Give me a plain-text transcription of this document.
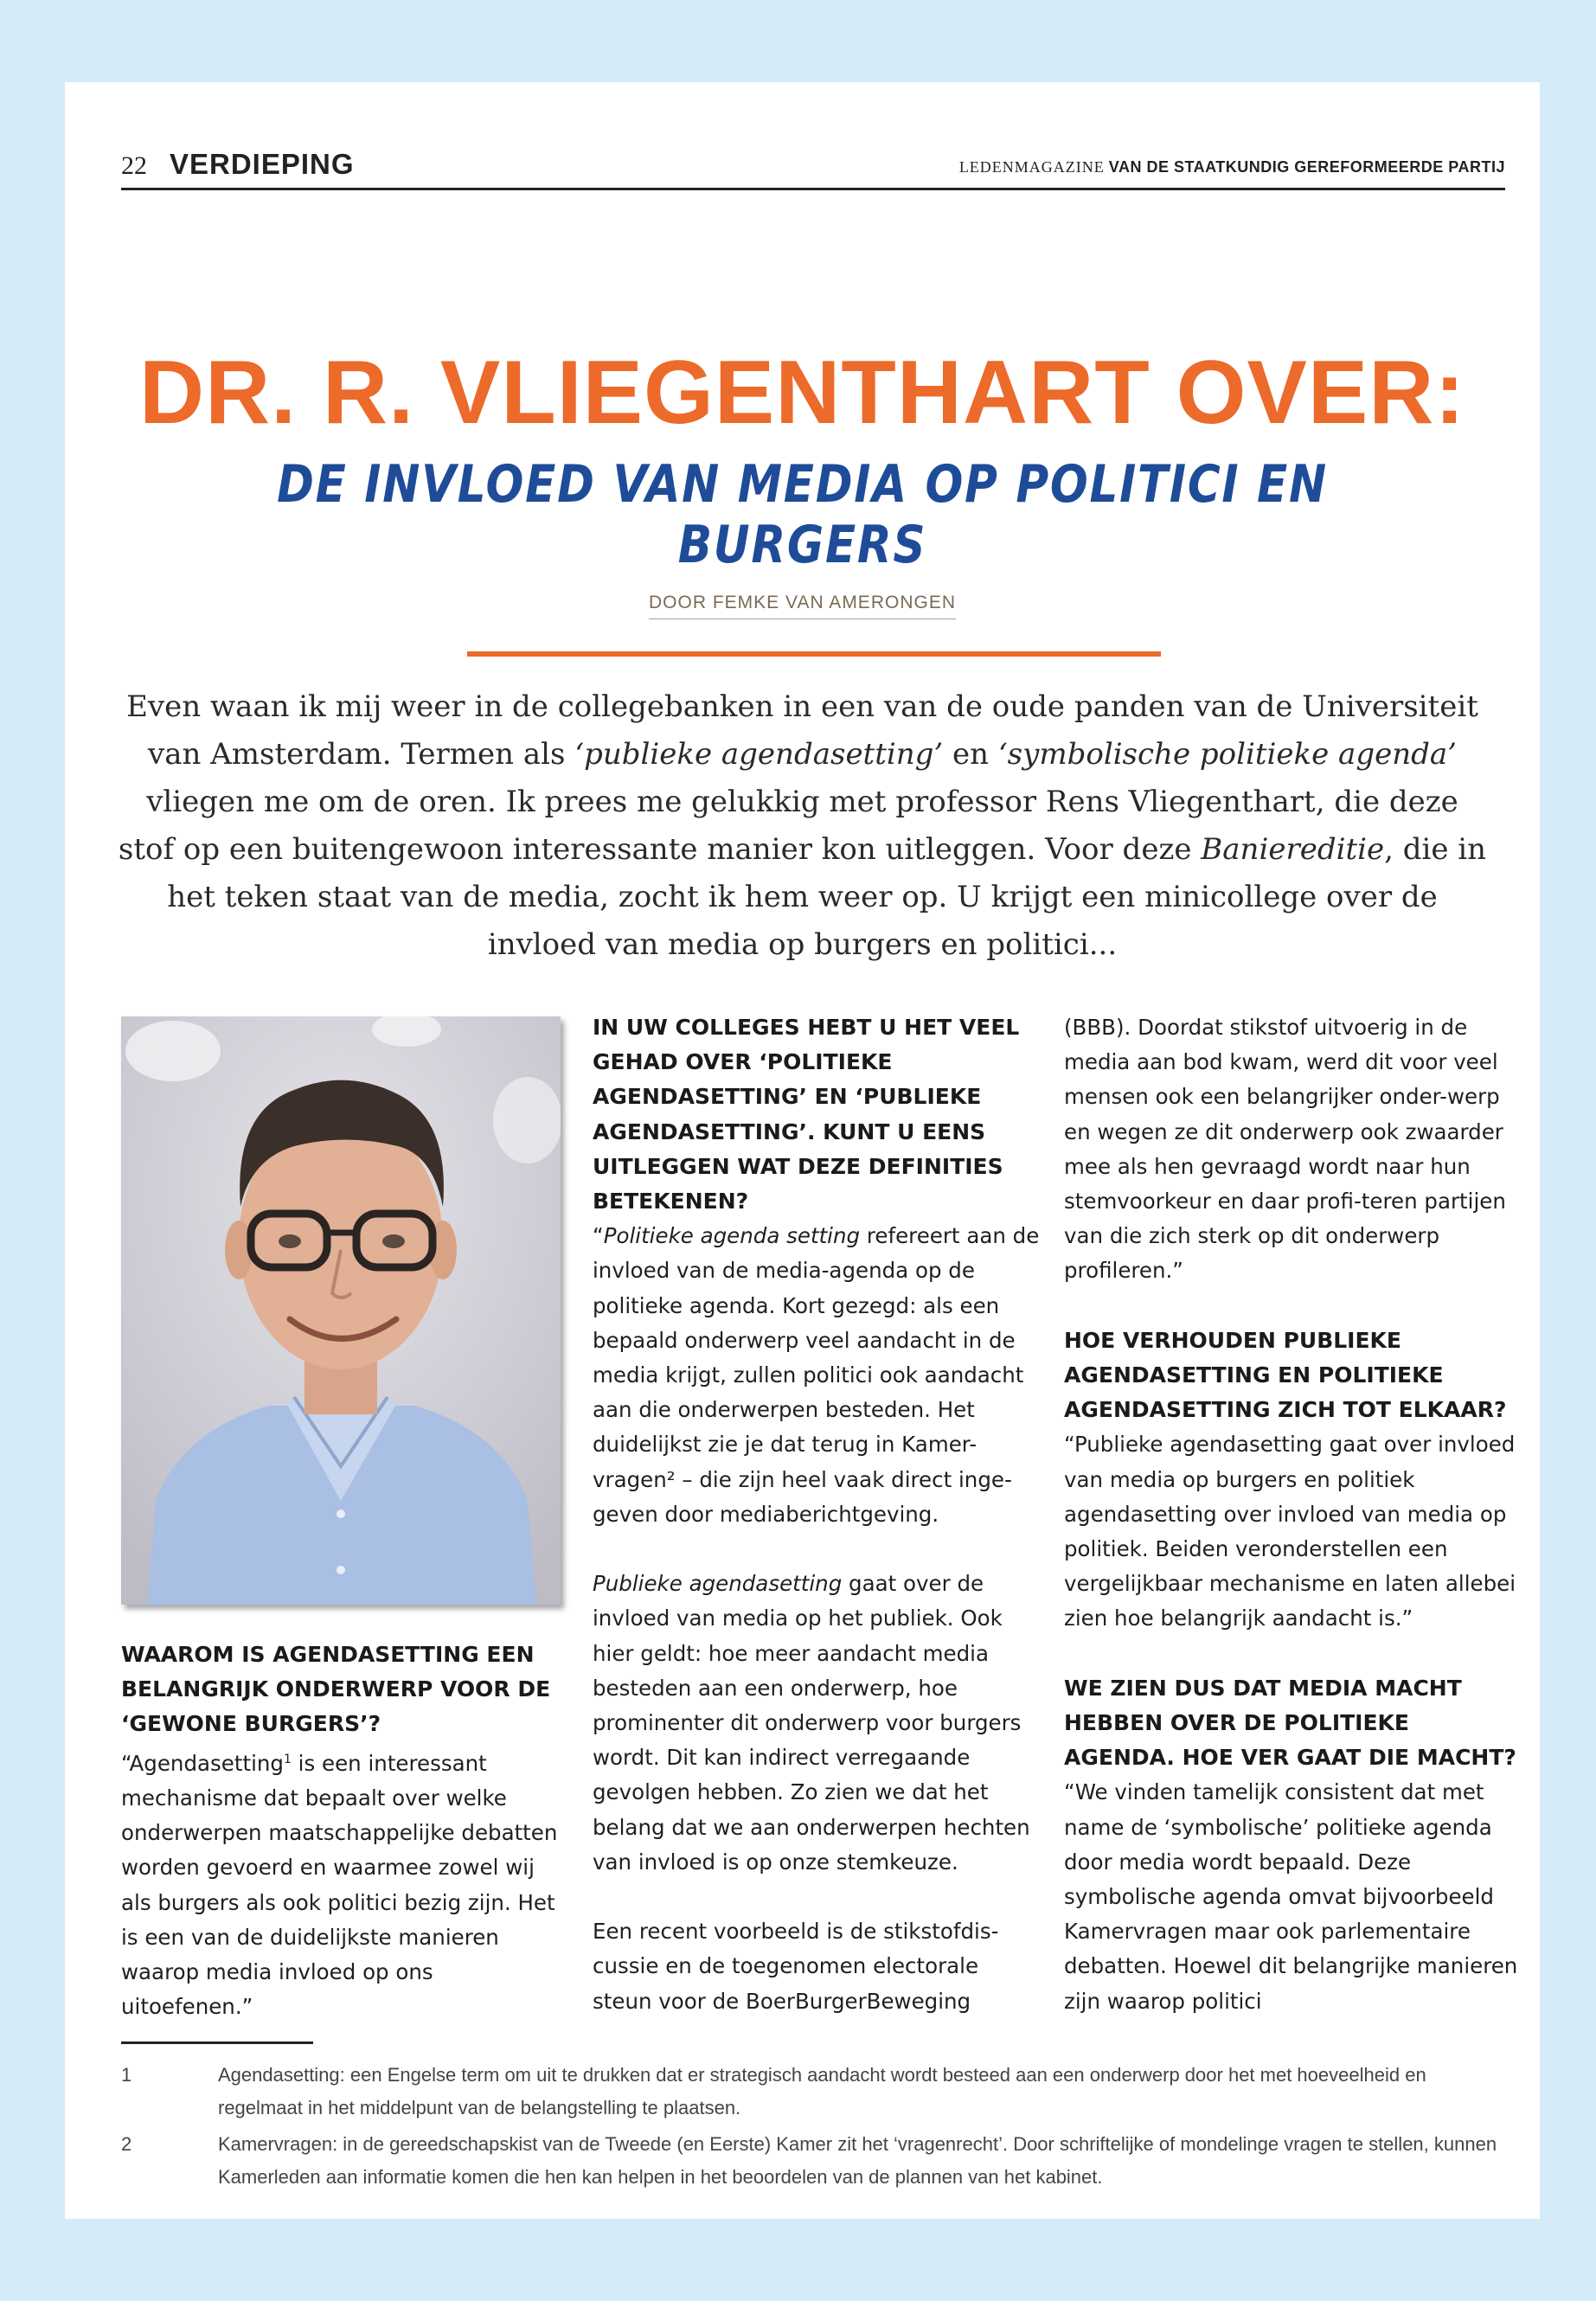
22 VERDIEPING	LEDENMAGAZINE VAN DE STAATKUNDIG GEREFORMEERDE PARTIJ
DR. R. VLIEGENTHART OVER:
DE INVLOED VAN MEDIA OP POLITICI EN BURGERS
DOOR FEMKE VAN AMERONGEN
Even waan ik mij weer in de collegebanken in een van de oude panden van de Universiteit van Amsterdam. Termen als ‘publieke agendasetting’ en ‘symbolische politieke agenda’ vliegen me om de oren. Ik prees me gelukkig met professor Rens Vliegenthart, die deze stof op een buitengewoon interessante manier kon uitleggen. Voor deze Baniereditie, die in het teken staat van de media, zocht ik hem weer op. U krijgt een minicollege over de invloed van media op burgers en politici...
WAAROM IS AGENDASETTING EEN BELANGRIJK ONDERWERP VOOR DE ‘GEWONE BURGERS’?

“Agendasetting$^1$ is een interessant mechanisme dat bepaalt over welke onderwerpen maatschappelijke debatten worden gevoerd en waarmee zowel wij als burgers als ook politici bezig zijn. Het is een van de duidelijkste manieren waarop media invloed op ons uitoefenen.”

IN UW COLLEGES HEBT U HET VEEL GEHAD OVER ‘POLITIEKE AGENDASETTING’ EN ‘PUBLIEKE AGENDASETTING’. KUNT U EENS UITLEGGEN WAT DEZE DEFINITIES BETEKENEN?

“Politieke agenda setting refereert aan de invloed van de media-agenda op de politieke agenda. Kort gezegd: als een bepaald onderwerp veel aandacht in de media krijgt, zullen politici ook aandacht aan die onderwerpen besteden. Het duidelijkst zie je dat terug in Kamer-vragen² – die zijn heel vaak direct inge-geven door mediaberichtgeving.

Publieke agendasetting gaat over de invloed van media op het publiek. Ook hier geldt: hoe meer aandacht media besteden aan een onderwerp, hoe prominenter dit onderwerp voor burgers wordt. Dit kan indirect verregaande gevolgen hebben. Zo zien we dat het belang dat we aan onderwerpen hechten van invloed is op onze stemkeuze.

Een recent voorbeeld is de stikstofdis-cussie en de toegenomen electorale steun voor de BoerBurgerBeweging

(BBB). Doordat stikstof uitvoerig in de media aan bod kwam, werd dit voor veel mensen ook een belangrijker onder-werp en wegen ze dit onderwerp ook zwaarder mee als hen gevraagd wordt naar hun stemvoorkeur en daar profi-teren partijen van die zich sterk op dit onderwerp profileren.”

HOE VERHOUDEN PUBLIEKE AGENDASETTING EN POLITIEKE AGENDASETTING ZICH TOT ELKAAR?

“Publieke agendasetting gaat over invloed van media op burgers en politiek agendasetting over invloed van media op politiek. Beiden veronderstellen een vergelijkbaar mechanisme en laten allebei zien hoe belangrijk aandacht is.”

WE ZIEN DUS DAT MEDIA MACHT HEBBEN OVER DE POLITIEKE AGENDA. HOE VER GAAT DIE MACHT?

“We vinden tamelijk consistent dat met name de ‘symbolische’ politieke agenda door media wordt bepaald. Deze symbolische agenda omvat bijvoorbeeld Kamervragen maar ook parlementaire debatten. Hoewel dit belangrijke manieren zijn waarop politici

1	Agendasetting: een Engelse term om uit te drukken dat er strategisch aandacht wordt besteed aan een onderwerp door het met hoeveelheid en regelmaat in het middelpunt van de belangstelling te plaatsen.
2	Kamervragen: in de gereedschapskist van de Tweede (en Eerste) Kamer zit het ‘vragenrecht’. Door schriftelijke of mondelinge vragen te stellen, kunnen Kamerleden aan informatie komen die hen kan helpen in het beoordelen van de plannen van het kabinet.
